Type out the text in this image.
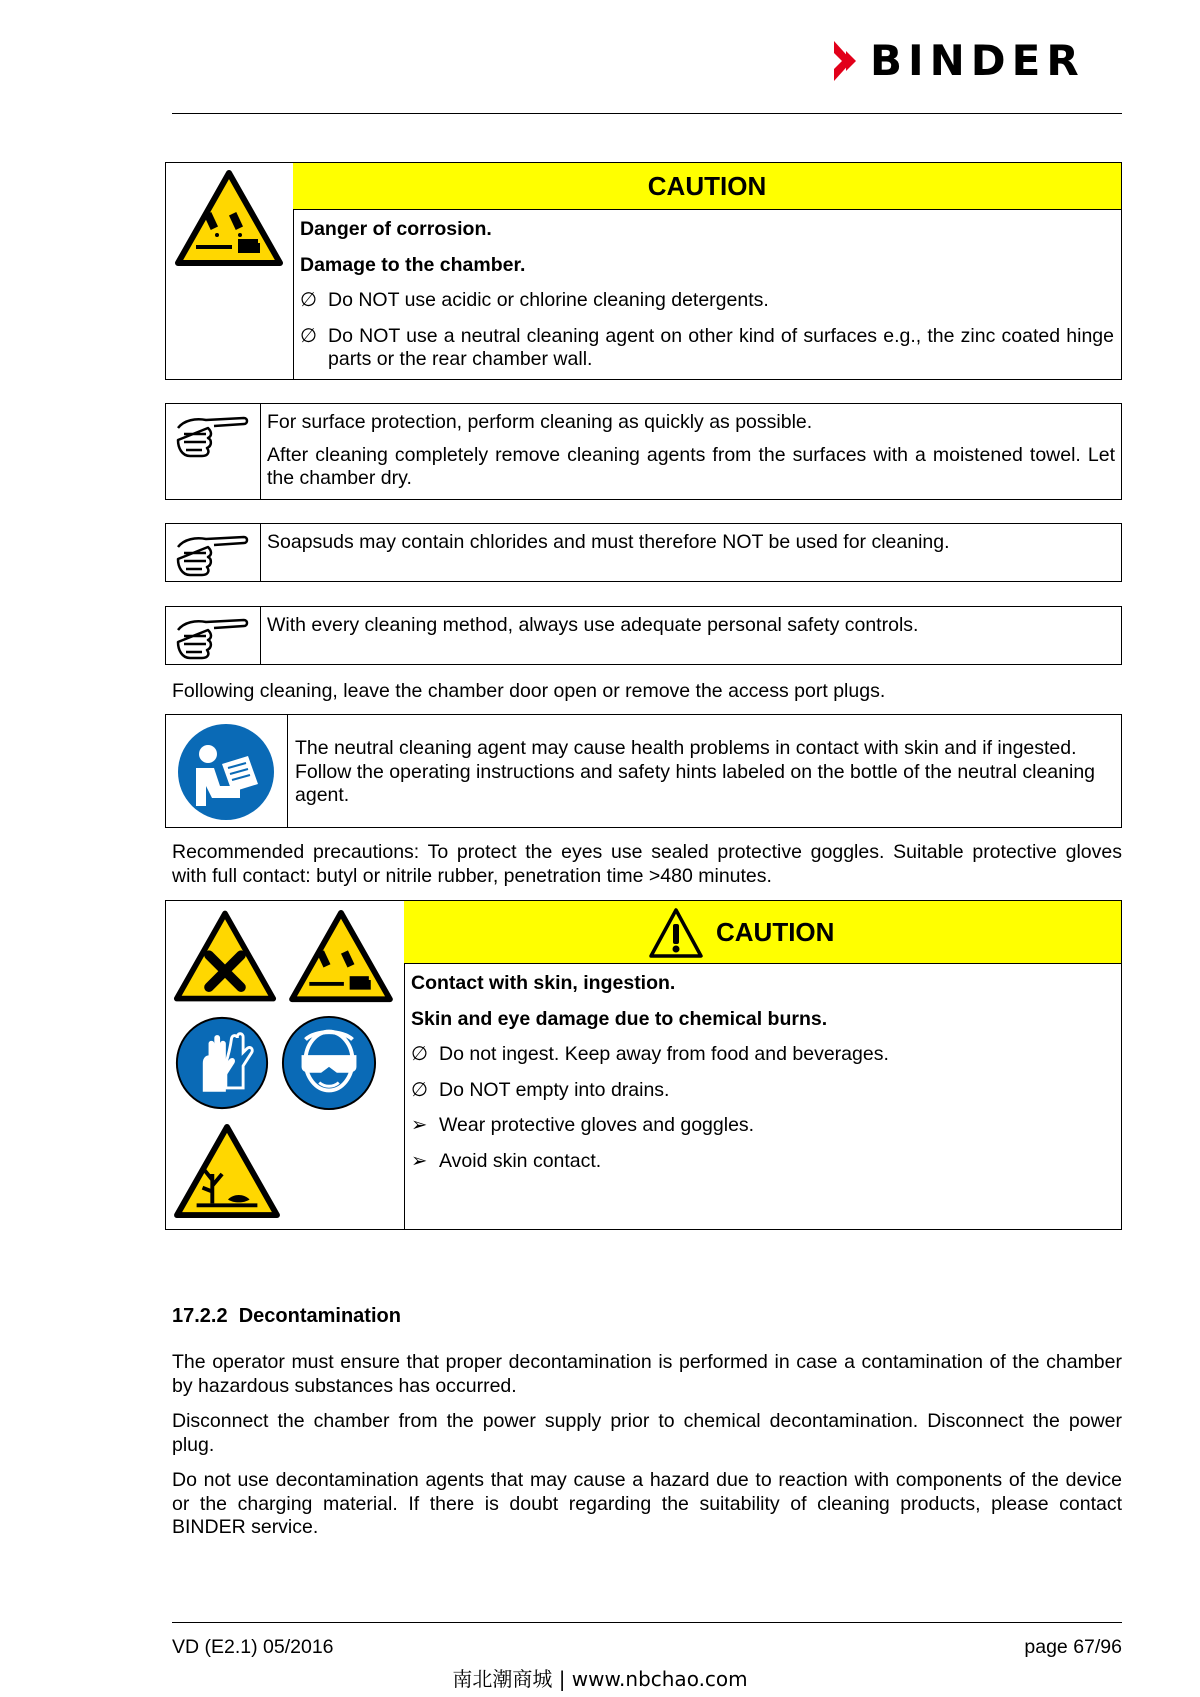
BINDER
CAUTION
Danger of corrosion.
Damage to the chamber.
∅ Do NOT use acidic or chlorine cleaning detergents.
∅ Do NOT use a neutral cleaning agent on other kind of surfaces e.g., the zinc coated hinge parts or the rear chamber wall.
For surface protection, perform cleaning as quickly as possible.
After cleaning completely remove cleaning agents from the surfaces with a moistened towel. Let the chamber dry.
Soapsuds may contain chlorides and must therefore NOT be used for cleaning.
With every cleaning method, always use adequate personal safety controls.
Following cleaning, leave the chamber door open or remove the access port plugs.
The neutral cleaning agent may cause health problems in contact with skin and if ingested. Follow the operating instructions and safety hints labeled on the bottle of the neutral cleaning agent.
Recommended precautions: To protect the eyes use sealed protective goggles. Suitable protective gloves with full contact: butyl or nitrile rubber, penetration time >480 minutes.
CAUTION
Contact with skin, ingestion.
Skin and eye damage due to chemical burns.
∅ Do not ingest. Keep away from food and beverages.
∅ Do NOT empty into drains.
➢ Wear protective gloves and goggles.
➢ Avoid skin contact.
17.2.2  Decontamination
The operator must ensure that proper decontamination is performed in case a contamination of the chamber by hazardous substances has occurred.
Disconnect the chamber from the power supply prior to chemical decontamination. Disconnect the power plug.
Do not use decontamination agents that may cause a hazard due to reaction with components of the device or the charging material. If there is doubt regarding the suitability of cleaning products, please contact BINDER service.
VD (E2.1) 05/2016	page 67/96
南北潮商城 | www.nbchao.com
